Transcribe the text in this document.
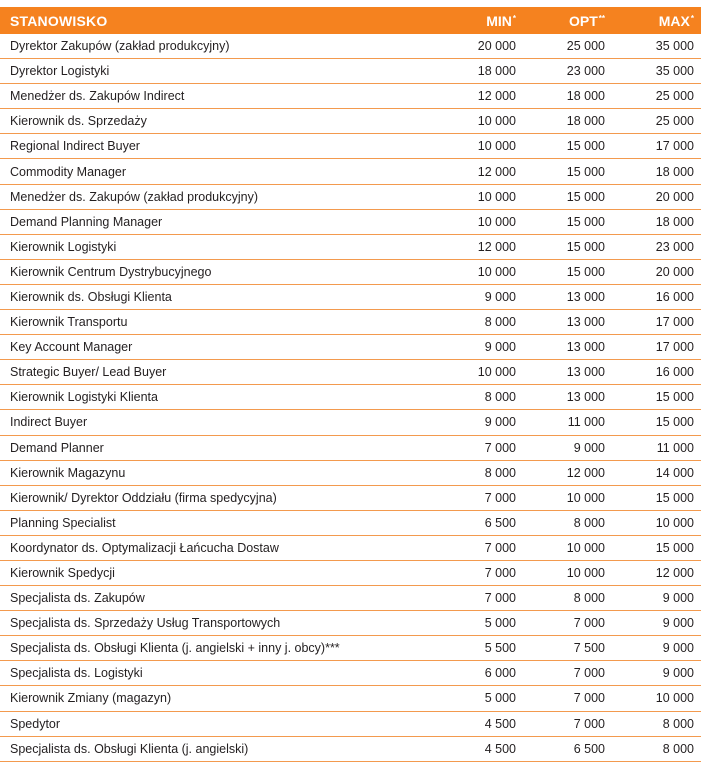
STANOWISKO	MIN*	OPT**	MAX*
Dyrektor Zakupów (zakład produkcyjny)	20 000	25 000	35 000
Dyrektor Logistyki	18 000	23 000	35 000
Menedżer ds. Zakupów Indirect	12 000	18 000	25 000
Kierownik ds. Sprzedaży	10 000	18 000	25 000
Regional Indirect Buyer	10 000	15 000	17 000
Commodity Manager	12 000	15 000	18 000
Menedżer ds. Zakupów (zakład produkcyjny)	10 000	15 000	20 000
Demand Planning Manager	10 000	15 000	18 000
Kierownik Logistyki	12 000	15 000	23 000
Kierownik Centrum Dystrybucyjnego	10 000	15 000	20 000
Kierownik ds. Obsługi Klienta	9 000	13 000	16 000
Kierownik Transportu	8 000	13 000	17 000
Key Account Manager	9 000	13 000	17 000
Strategic Buyer/ Lead Buyer	10 000	13 000	16 000
Kierownik Logistyki Klienta	8 000	13 000	15 000
Indirect Buyer	9 000	11 000	15 000
Demand Planner	7 000	9 000	11 000
Kierownik Magazynu	8 000	12 000	14 000
Kierownik/ Dyrektor Oddziału (firma spedycyjna)	7 000	10 000	15 000
Planning Specialist	6 500	8 000	10 000
Koordynator ds. Optymalizacji Łańcucha Dostaw	7 000	10 000	15 000
Kierownik Spedycji	7 000	10 000	12 000
Specjalista ds. Zakupów	7 000	8 000	9 000
Specjalista ds. Sprzedaży Usług Transportowych	5 000	7 000	9 000
Specjalista ds. Obsługi Klienta (j. angielski + inny j. obcy)***	5 500	7 500	9 000
Specjalista ds. Logistyki	6 000	7 000	9 000
Kierownik Zmiany (magazyn)	5 000	7 000	10 000
Spedytor	4 500	7 000	8 000
Specjalista ds. Obsługi Klienta (j. angielski)	4 500	6 500	8 000
